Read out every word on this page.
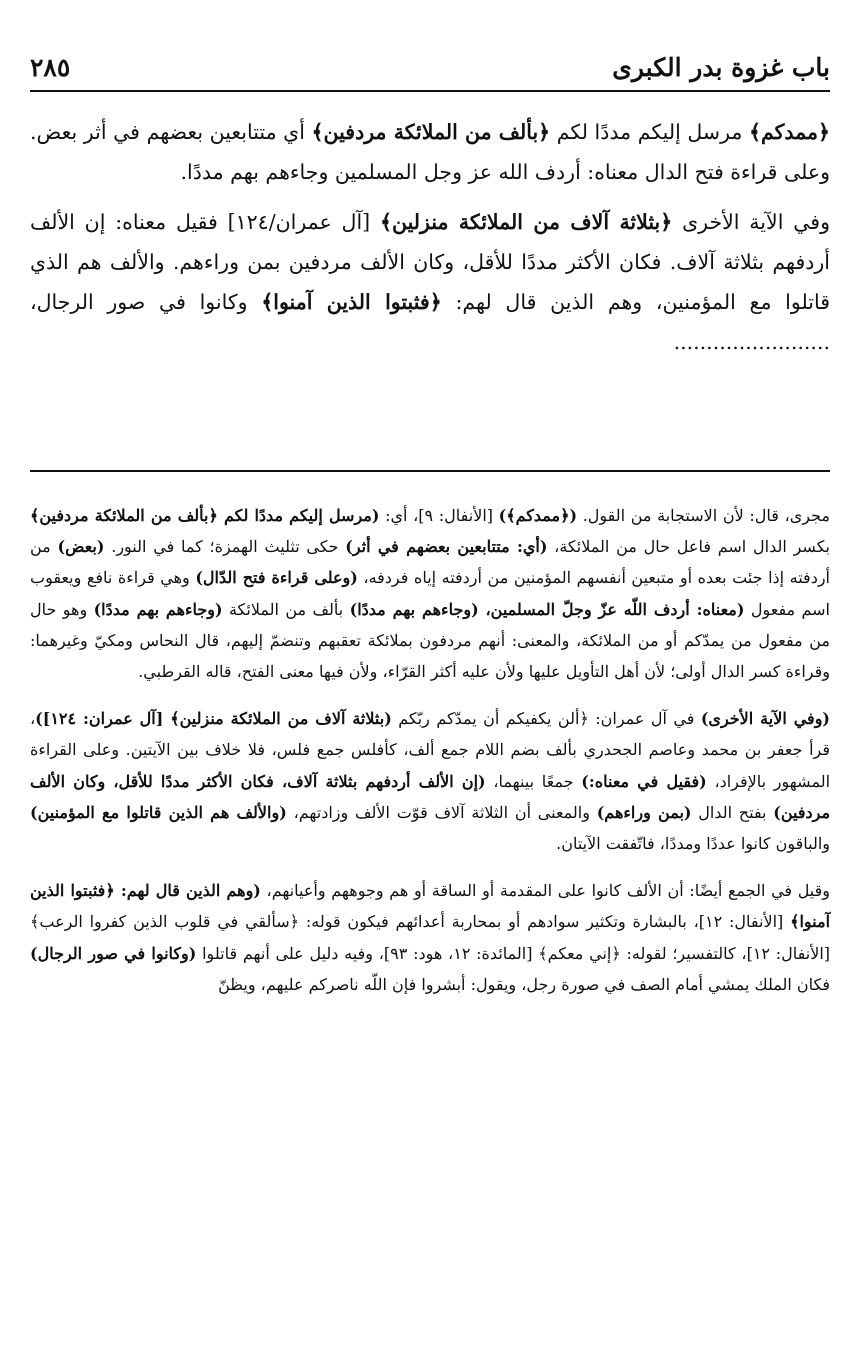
باب غزوة بدر الكبرى
٢٨٥

﴿ممدكم﴾ مرسل إليكم مددًا لكم ﴿بألف من الملائكة مردفين﴾ أي متتابعين بعضهم في أثر بعض. وعلى قراءة فتح الدال معناه: أردف الله عز وجل المسلمين وجاءهم بهم مددًا.

وفي الآية الأخرى ﴿بثلاثة آلاف من الملائكة منزلين﴾ [آل عمران/١٢٤] فقيل معناه: إن الألف أردفهم بثلاثة آلاف. فكان الأكثر مددًا للأقل، وكان الألف مردفين بمن وراءهم. والألف هم الذي قاتلوا مع المؤمنين، وهم الذين قال لهم: ﴿فثبتوا الذين آمنوا﴾ وكانوا في صور الرجال، ........................

مجرى، قال: لأن الاستجابة من القول. (﴿ممدكم﴾) [الأنفال: ٩]، أي: (مرسل إليكم مددًا لكم ﴿بألف من الملائكة مردفين﴾ بكسر الدال اسم فاعل حال من الملائكة، (أي: متتابعين بعضهم في أثر) حكى تثليث الهمزة؛ كما في النور. (بعض) من أردفته إذا جئت بعده أو متبعين أنفسهم المؤمنين من أردفته إياه فردفه، (وعلى قراءة فتح الدّال) وهي قراءة نافع ويعقوب اسم مفعول (معناه: أردف اللّه عزّ وجلّ المسلمين، (وجاءهم بهم مددًا) بألف من الملائكة (وجاءهم بهم مددًا) وهو حال من مفعول من يمدّكم أو من الملائكة، والمعنى: أنهم مردفون بملائكة تعقبهم وتنضمّ إليهم، قال النحاس ومكيّ وغيرهما: وقراءة كسر الدال أولى؛ لأن أهل التأويل عليها ولأن عليه أكثر القرّاء، ولأن فيها معنى الفتح، قاله القرطبي.

(وفي الآية الأخرى) في آل عمران: ﴿ألن يكفيكم أن يمدّكم ربّكم (بثلاثة آلاف من الملائكة منزلين﴾ [آل عمران: ١٢٤])، قرأ جعفر بن محمد وعاصم الجحدري بألف بضم اللام جمع ألف، كأفلس جمع فلس، فلا خلاف بين الآيتين. وعلى القراءة المشهور بالإفراد، (فقيل في معناه:) جمعًا بينهما، (إن الألف أردفهم بثلاثة آلاف، فكان الأكثر مددًا للأقل، وكان الألف مردفين) بفتح الدال (بمن وراءهم) والمعنى أن الثلاثة آلاف قوّت الألف وزادتهم، (والألف هم الذين قاتلوا مع المؤمنين) والباقون كانوا عددًا ومددًا، فاتّفقت الآيتان.

وقيل في الجمع أيضًا: أن الألف كانوا على المقدمة أو الساقة أو هم وجوههم وأعيانهم، (وهم الذين قال لهم: ﴿فثبتوا الذين آمنوا﴾ [الأنفال: ١٢]، بالبشارة وتكثير سوادهم أو بمحاربة أعدائهم فيكون قوله: ﴿سألقي في قلوب الذين كفروا الرعب﴾ [الأنفال: ١٢]، كالتفسير؛ لقوله: ﴿إني معكم﴾ [المائدة: ١٢، هود: ٩٣]، وفيه دليل على أنهم قاتلوا (وكانوا في صور الرجال) فكان الملك يمشي أمام الصف في صورة رجل، ويقول: أبشروا فإن اللّه ناصركم عليهم، ويظنّ
